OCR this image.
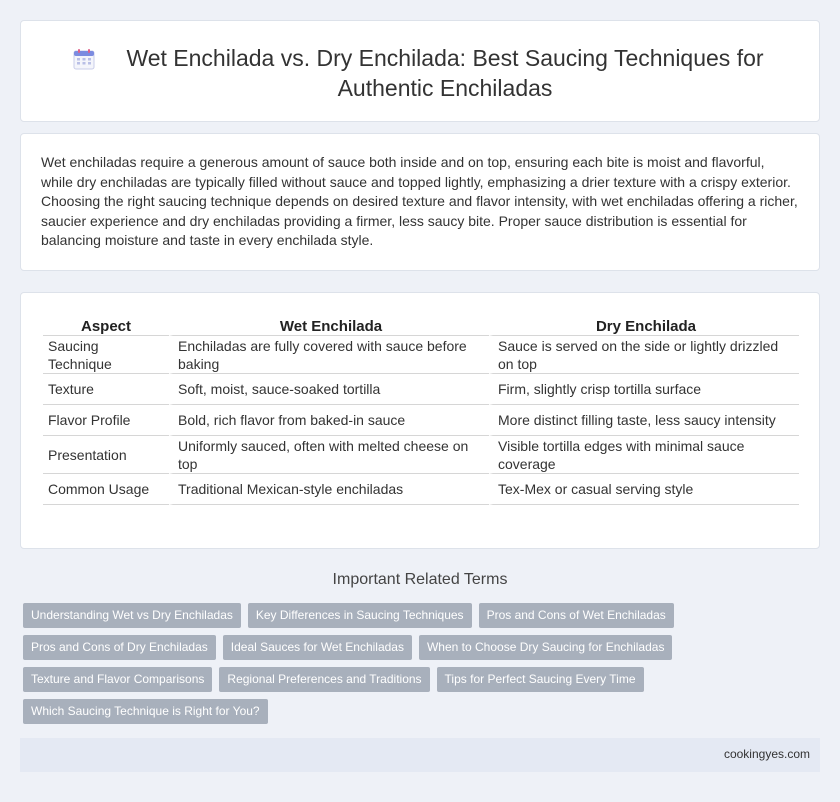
Wet Enchilada vs. Dry Enchilada: Best Saucing Techniques for Authentic Enchiladas

Wet enchiladas require a generous amount of sauce both inside and on top, ensuring each bite is moist and flavorful, while dry enchiladas are typically filled without sauce and topped lightly, emphasizing a drier texture with a crispy exterior. Choosing the right saucing technique depends on desired texture and flavor intensity, with wet enchiladas offering a richer, saucier experience and dry enchiladas providing a firmer, less saucy bite. Proper sauce distribution is essential for balancing moisture and taste in every enchilada style.

Aspect	Wet Enchilada	Dry Enchilada
Saucing Technique	Enchiladas are fully covered with sauce before baking	Sauce is served on the side or lightly drizzled on top
Texture	Soft, moist, sauce-soaked tortilla	Firm, slightly crisp tortilla surface
Flavor Profile	Bold, rich flavor from baked-in sauce	More distinct filling taste, less saucy intensity
Presentation	Uniformly sauced, often with melted cheese on top	Visible tortilla edges with minimal sauce coverage
Common Usage	Traditional Mexican-style enchiladas	Tex-Mex or casual serving style
Important Related Terms
Understanding Wet vs Dry Enchiladas	Key Differences in Saucing Techniques	Pros and Cons of Wet Enchiladas
Pros and Cons of Dry Enchiladas	Ideal Sauces for Wet Enchiladas	When to Choose Dry Saucing for Enchiladas
Texture and Flavor Comparisons	Regional Preferences and Traditions	Tips for Perfect Saucing Every Time
Which Saucing Technique is Right for You?
cookingyes.com
